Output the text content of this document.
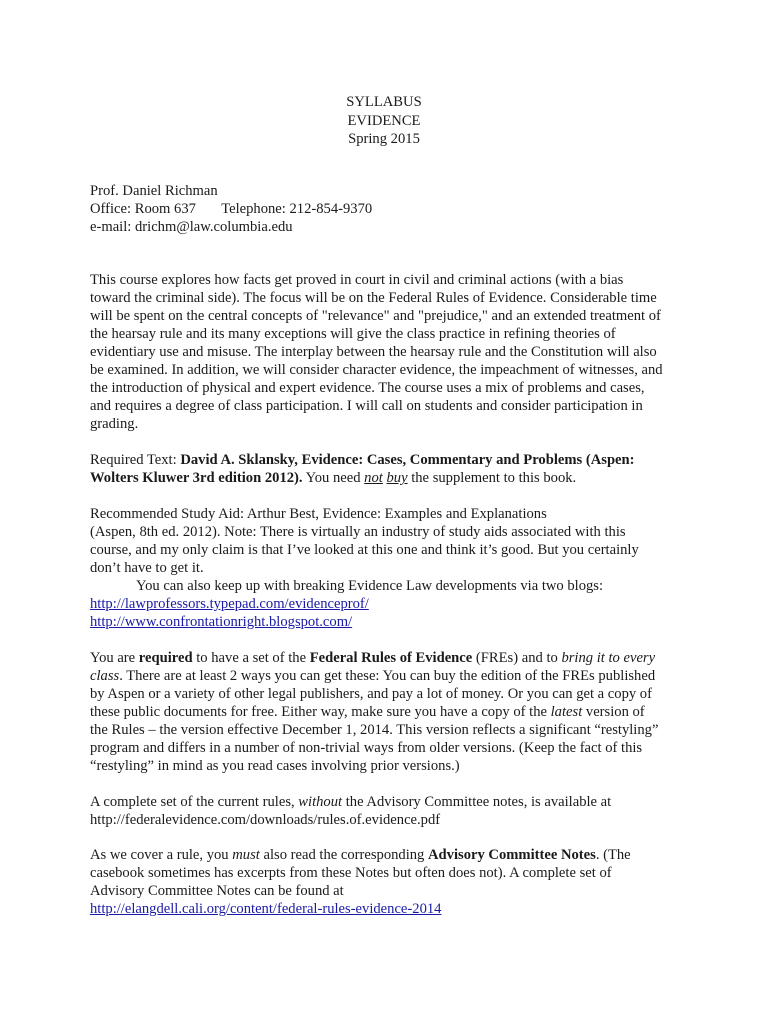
SYLLABUS
EVIDENCE
Spring 2015
Prof. Daniel Richman
Office: Room 637 Telephone: 212-854-9370
e-mail: drichm@law.columbia.edu

This course explores how facts get proved in court in civil and criminal actions (with a bias toward the criminal side). The focus will be on the Federal Rules of Evidence. Considerable time will be spent on the central concepts of "relevance" and "prejudice," and an extended treatment of the hearsay rule and its many exceptions will give the class practice in refining theories of evidentiary use and misuse. The interplay between the hearsay rule and the Constitution will also be examined. In addition, we will consider character evidence, the impeachment of witnesses, and the introduction of physical and expert evidence. The course uses a mix of problems and cases, and requires a degree of class participation. I will call on students and consider participation in grading.

Required Text: David A. Sklansky, Evidence: Cases, Commentary and Problems (Aspen: Wolters Kluwer 3rd edition 2012). You need not buy the supplement to this book.

Recommended Study Aid: Arthur Best, Evidence: Examples and Explanations

(Aspen, 8th ed. 2012). Note: There is virtually an industry of study aids associated with this course, and my only claim is that I’ve looked at this one and think it’s good. But you certainly don’t have to get it.

You can also keep up with breaking Evidence Law developments via two blogs:

http://lawprofessors.typepad.com/evidenceprof/

http://www.confrontationright.blogspot.com/

You are required to have a set of the Federal Rules of Evidence (FREs) and to bring it to every class. There are at least 2 ways you can get these: You can buy the edition of the FREs published by Aspen or a variety of other legal publishers, and pay a lot of money. Or you can get a copy of these public documents for free. Either way, make sure you have a copy of the latest version of the Rules – the version effective December 1, 2014. This version reflects a significant “restyling” program and differs in a number of non-trivial ways from older versions. (Keep the fact of this “restyling” in mind as you read cases involving prior versions.)

A complete set of the current rules, without the Advisory Committee notes, is available at

http://federalevidence.com/downloads/rules.of.evidence.pdf

As we cover a rule, you must also read the corresponding Advisory Committee Notes. (The casebook sometimes has excerpts from these Notes but often does not). A complete set of Advisory Committee Notes can be found at

http://elangdell.cali.org/content/federal-rules-evidence-2014
